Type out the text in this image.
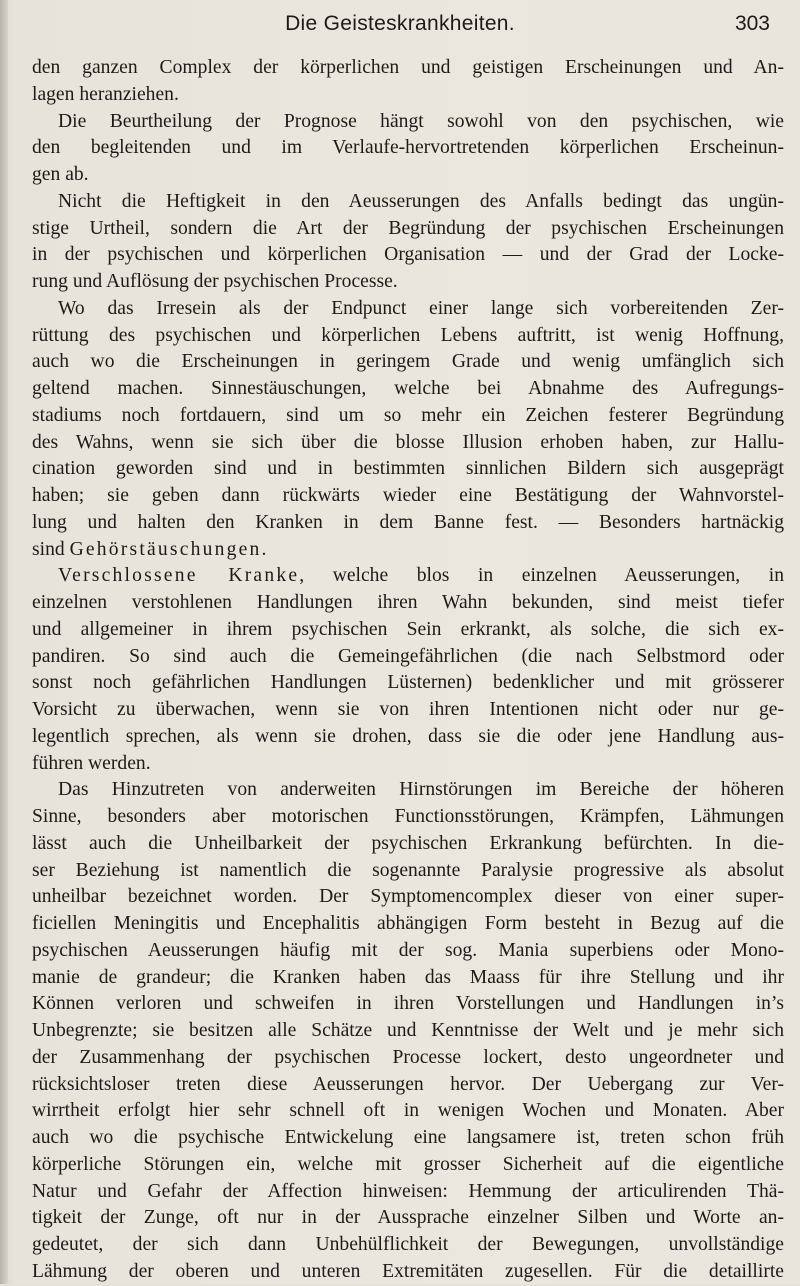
Die Geisteskrankheiten.	303
den ganzen Complex der körperlichen und geistigen Erscheinungen und An-
lagen heranziehen.
Die Beurtheilung der Prognose hängt sowohl von den psychischen, wie
den begleitenden und im Verlaufe-hervortretenden körperlichen Erscheinun-
gen ab.
Nicht die Heftigkeit in den Aeusserungen des Anfalls bedingt das ungün-
stige Urtheil, sondern die Art der Begründung der psychischen Erscheinungen
in der psychischen und körperlichen Organisation — und der Grad der Locke-
rung und Auflösung der psychischen Processe.
Wo das Irresein als der Endpunct einer lange sich vorbereitenden Zer-
rüttung des psychischen und körperlichen Lebens auftritt, ist wenig Hoffnung,
auch wo die Erscheinungen in geringem Grade und wenig umfänglich sich
geltend machen. Sinnestäuschungen, welche bei Abnahme des Aufregungs-
stadiums noch fortdauern, sind um so mehr ein Zeichen festerer Begründung
des Wahns, wenn sie sich über die blosse Illusion erhoben haben, zur Hallu-
cination geworden sind und in bestimmten sinnlichen Bildern sich ausgeprägt
haben; sie geben dann rückwärts wieder eine Bestätigung der Wahnvorstel-
lung und halten den Kranken in dem Banne fest. — Besonders hartnäckig
sind Gehörstäuschungen.
Verschlossene Kranke, welche blos in einzelnen Aeusserungen, in
einzelnen verstohlenen Handlungen ihren Wahn bekunden, sind meist tiefer
und allgemeiner in ihrem psychischen Sein erkrankt, als solche, die sich ex-
pandiren. So sind auch die Gemeingefährlichen (die nach Selbstmord oder
sonst noch gefährlichen Handlungen Lüsternen) bedenklicher und mit grösserer
Vorsicht zu überwachen, wenn sie von ihren Intentionen nicht oder nur ge-
legentlich sprechen, als wenn sie drohen, dass sie die oder jene Handlung aus-
führen werden.
Das Hinzutreten von anderweiten Hirnstörungen im Bereiche der höheren
Sinne, besonders aber motorischen Functionsstörungen, Krämpfen, Lähmungen
lässt auch die Unheilbarkeit der psychischen Erkrankung befürchten. In die-
ser Beziehung ist namentlich die sogenannte Paralysie progressive als absolut
unheilbar bezeichnet worden. Der Symptomencomplex dieser von einer super-
ficiellen Meningitis und Encephalitis abhängigen Form besteht in Bezug auf die
psychischen Aeusserungen häufig mit der sog. Mania superbiens oder Mono-
manie de grandeur; die Kranken haben das Maass für ihre Stellung und ihr
Können verloren und schweifen in ihren Vorstellungen und Handlungen in’s
Unbegrenzte; sie besitzen alle Schätze und Kenntnisse der Welt und je mehr sich
der Zusammenhang der psychischen Processe lockert, desto ungeordneter und
rücksichtsloser treten diese Aeusserungen hervor. Der Uebergang zur Ver-
wirrtheit erfolgt hier sehr schnell oft in wenigen Wochen und Monaten. Aber
auch wo die psychische Entwickelung eine langsamere ist, treten schon früh
körperliche Störungen ein, welche mit grosser Sicherheit auf die eigentliche
Natur und Gefahr der Affection hinweisen: Hemmung der articulirenden Thä-
tigkeit der Zunge, oft nur in der Aussprache einzelner Silben und Worte an-
gedeutet, der sich dann Unbehülflichkeit der Bewegungen, unvollständige
Lähmung der oberen und unteren Extremitäten zugesellen. Für die detaillirte
